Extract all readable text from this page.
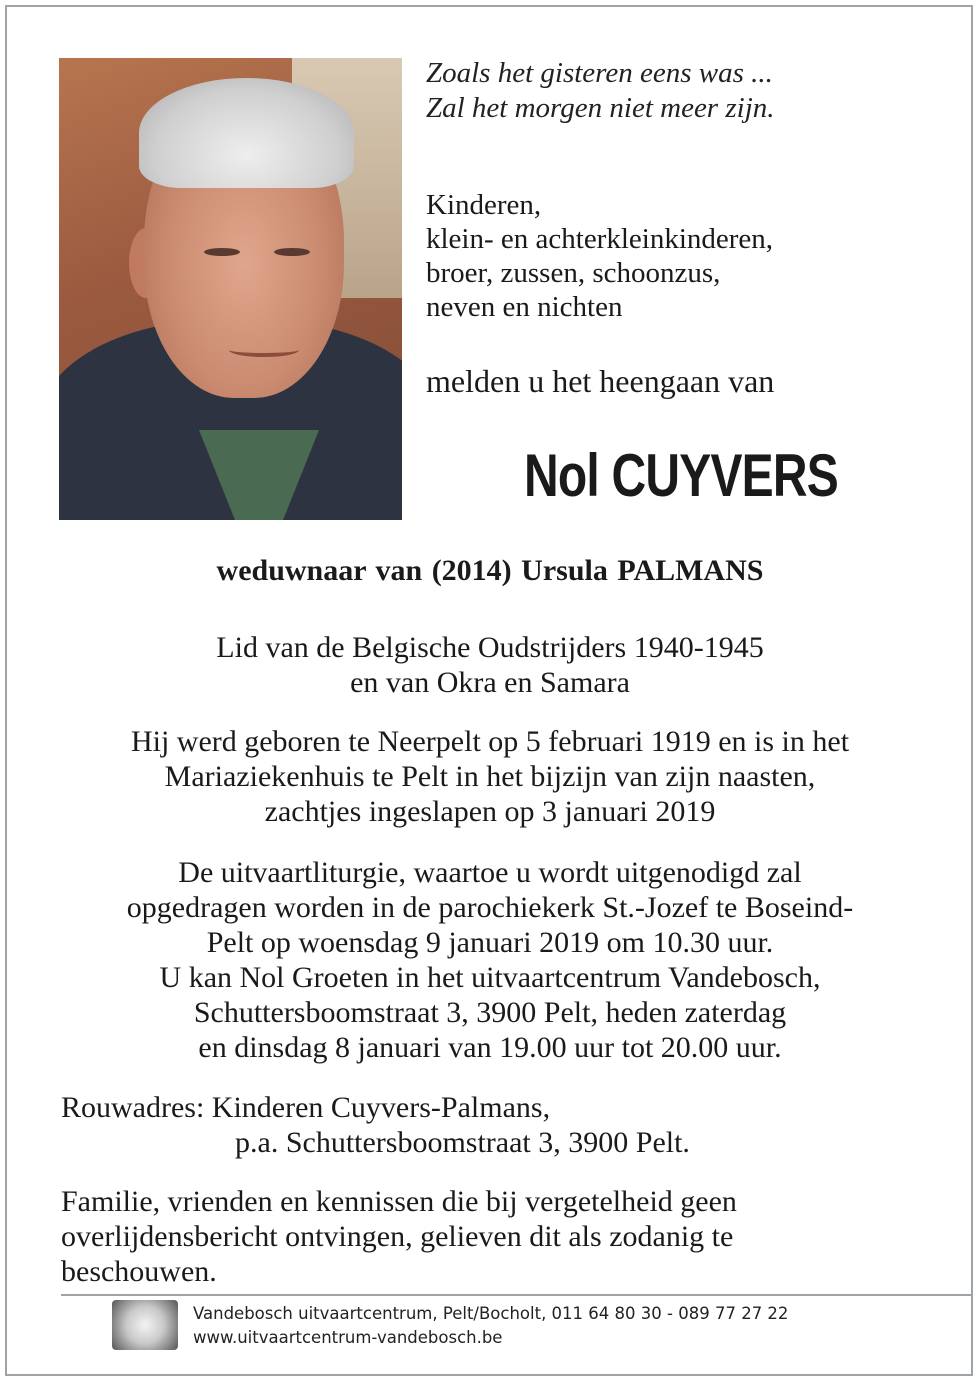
Zoals het gisteren eens was ...
Zal het morgen niet meer zijn.
Kinderen,
klein- en achterkleinkinderen,
broer, zussen, schoonzus,
neven en nichten
melden u het heengaan van
Nol CUYVERS
weduwnaar van (2014) Ursula PALMANS
Lid van de Belgische Oudstrijders 1940-1945
en van Okra en Samara
Hij werd geboren te Neerpelt op 5 februari 1919 en is in het
Mariaziekenhuis te Pelt in het bijzijn van zijn naasten,
zachtjes ingeslapen op 3 januari 2019
De uitvaartliturgie, waartoe u wordt uitgenodigd zal
opgedragen worden in de parochiekerk St.-Jozef te Boseind-
Pelt op woensdag 9 januari 2019 om 10.30 uur.
U kan Nol Groeten in het uitvaartcentrum Vandebosch,
Schuttersboomstraat 3, 3900 Pelt, heden zaterdag
en dinsdag 8 januari van 19.00 uur tot 20.00 uur.
Rouwadres: Kinderen Cuyvers-Palmans,
p.a. Schuttersboomstraat 3, 3900 Pelt.
Familie, vrienden en kennissen die bij vergetelheid geen
overlijdensbericht ontvingen, gelieven dit als zodanig te
beschouwen.
Vandebosch uitvaartcentrum, Pelt/Bocholt, 011 64 80 30 - 089 77 27 22
www.uitvaartcentrum-vandebosch.be
